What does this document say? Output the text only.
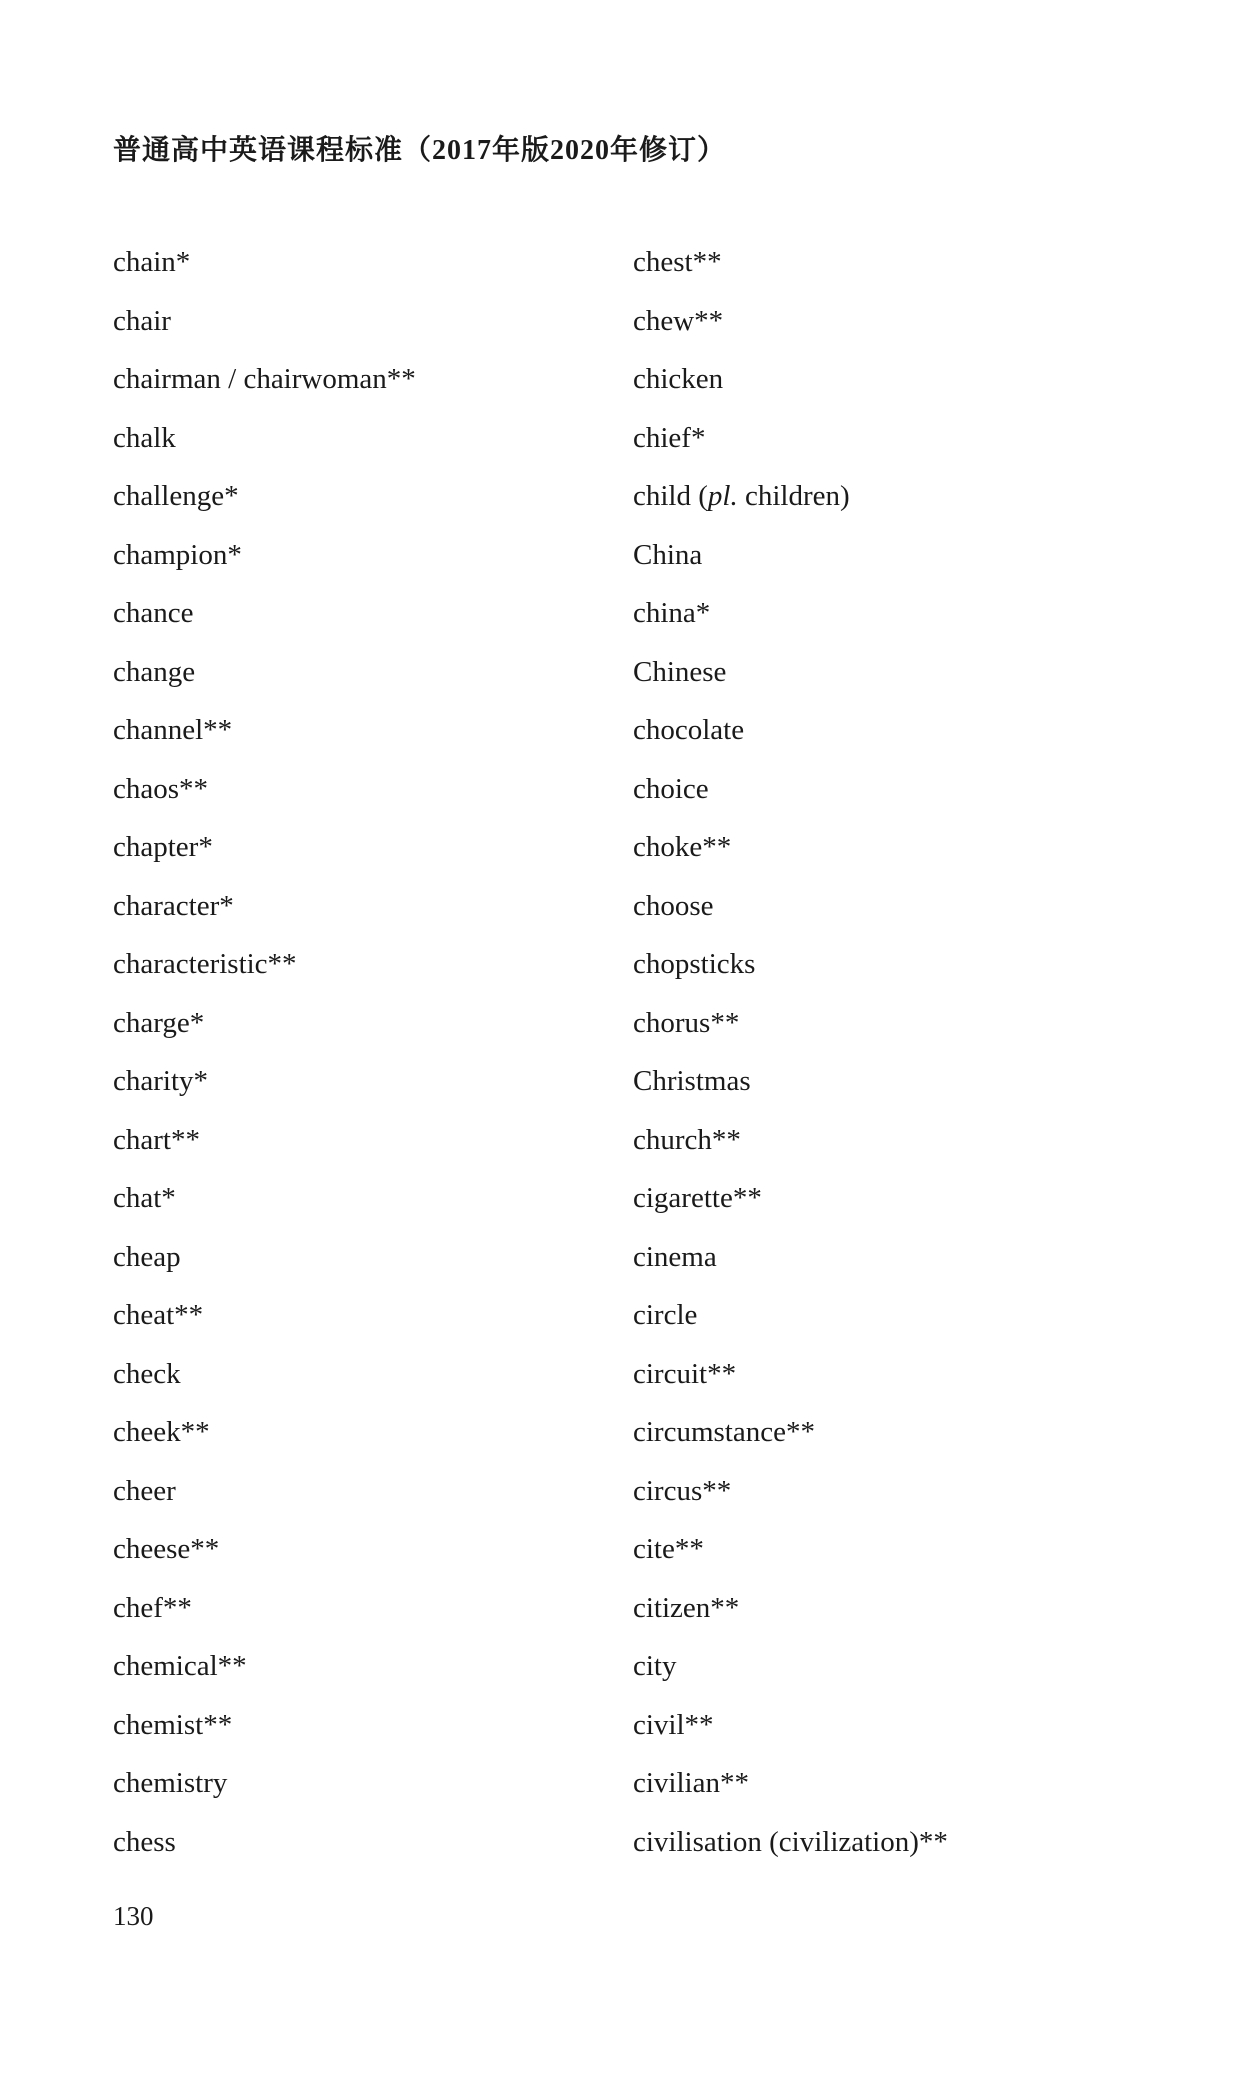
普通高中英语课程标准（2017年版2020年修订）
chain*
chair
chairman / chairwoman**
chalk
challenge*
champion*
chance
change
channel**
chaos**
chapter*
character*
characteristic**
charge*
charity*
chart**
chat*
cheap
cheat**
check
cheek**
cheer
cheese**
chef**
chemical**
chemist**
chemistry
chess
chest**
chew**
chicken
chief*
child (pl. children)
China
china*
Chinese
chocolate
choice
choke**
choose
chopsticks
chorus**
Christmas
church**
cigarette**
cinema
circle
circuit**
circumstance**
circus**
cite**
citizen**
city
civil**
civilian**
civilisation (civilization)**
130
